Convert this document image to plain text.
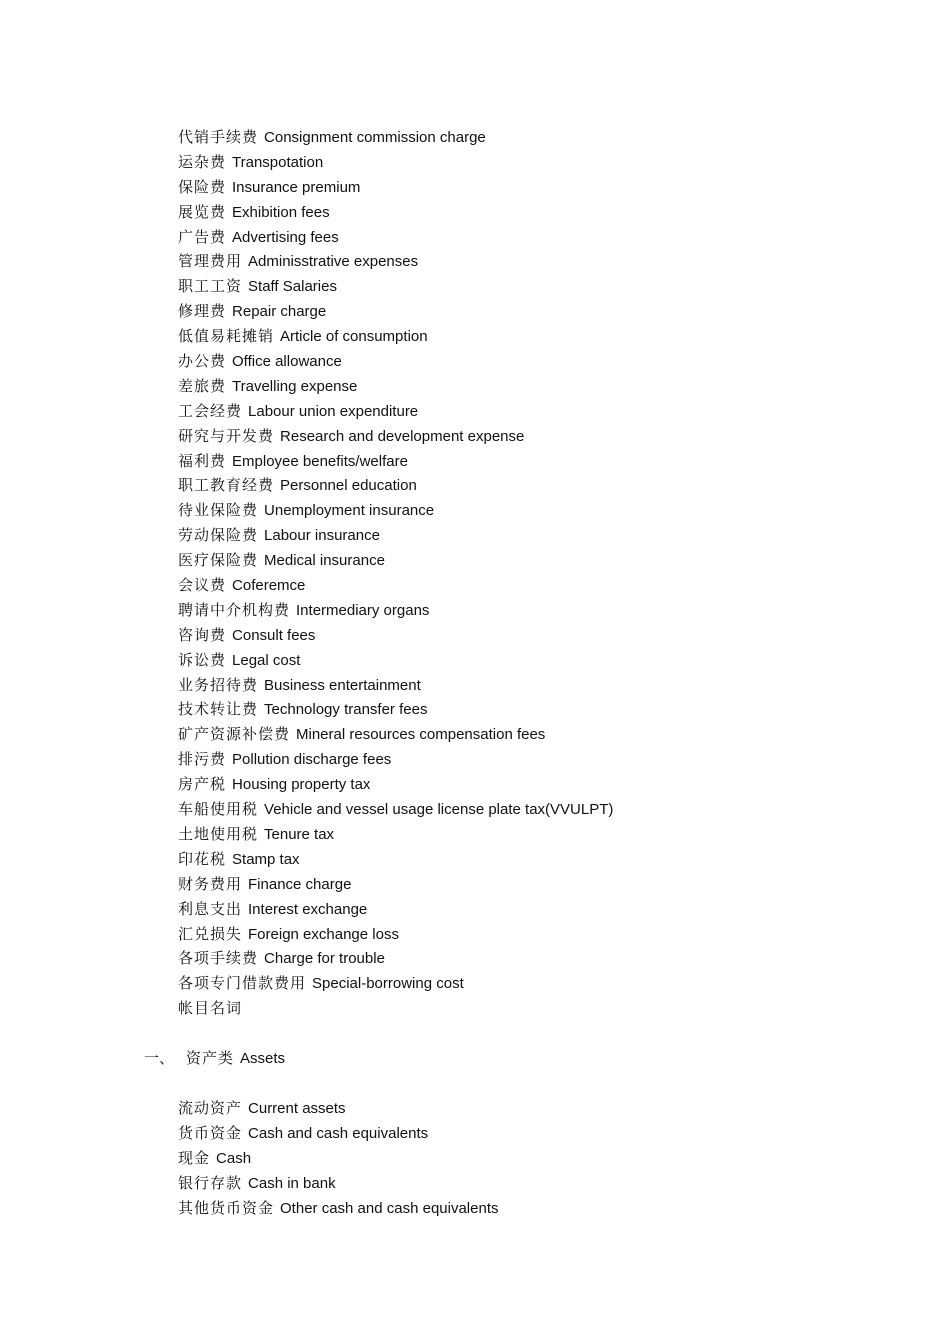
代销手续费 Consignment commission charge
运杂费 Transpotation
保险费 Insurance premium
展览费 Exhibition fees
广告费 Advertising fees
管理费用 Adminisstrative expenses
职工工资 Staff Salaries
修理费 Repair charge
低值易耗摊销 Article of consumption
办公费 Office allowance
差旅费 Travelling expense
工会经费 Labour union expenditure
研究与开发费 Research and development expense
福利费 Employee benefits/welfare
职工教育经费 Personnel education
待业保险费 Unemployment insurance
劳动保险费 Labour insurance
医疗保险费 Medical insurance
会议费 Coferemce
聘请中介机构费 Intermediary organs
咨询费 Consult fees
诉讼费 Legal cost
业务招待费 Business entertainment
技术转让费 Technology transfer fees
矿产资源补偿费 Mineral resources compensation fees
排污费 Pollution discharge fees
房产税 Housing property tax
车船使用税 Vehicle and vessel usage license plate tax(VVULPT)
土地使用税 Tenure tax
印花税 Stamp tax
财务费用 Finance charge
利息支出 Interest exchange
汇兑损失 Foreign exchange loss
各项手续费 Charge for trouble
各项专门借款费用 Special-borrowing cost
帐目名词
一、 资产类 Assets
流动资产 Current assets
货币资金 Cash and cash equivalents
现金 Cash
银行存款 Cash in bank
其他货币资金 Other cash and cash equivalents
